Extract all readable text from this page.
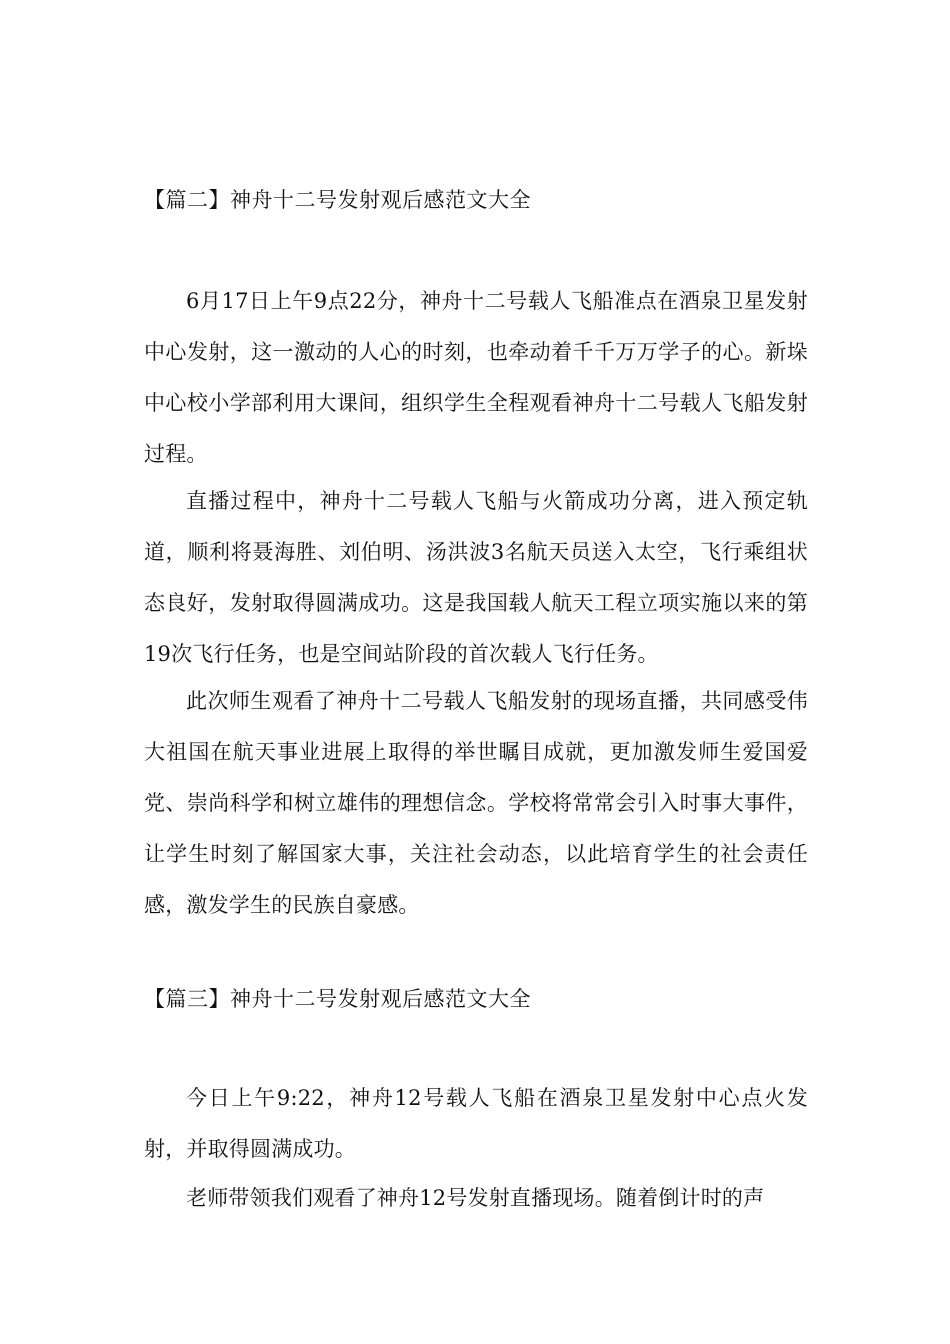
【篇二】神舟十二号发射观后感范文大全

6月17日上午9点22分，神舟十二号载人飞船准点在酒泉卫星发射中心发射，这一激动的人心的时刻，也牵动着千千万万学子的心。新垛中心校小学部利用大课间，组织学生全程观看神舟十二号载人飞船发射过程。

直播过程中，神舟十二号载人飞船与火箭成功分离，进入预定轨道，顺利将聂海胜、刘伯明、汤洪波3名航天员送入太空，飞行乘组状态良好，发射取得圆满成功。这是我国载人航天工程立项实施以来的第19次飞行任务，也是空间站阶段的首次载人飞行任务。

此次师生观看了神舟十二号载人飞船发射的现场直播，共同感受伟大祖国在航天事业进展上取得的举世瞩目成就，更加激发师生爱国爱党、崇尚科学和树立雄伟的理想信念。学校将常常会引入时事大事件，让学生时刻了解国家大事，关注社会动态，以此培育学生的社会责任感，激发学生的民族自豪感。

【篇三】神舟十二号发射观后感范文大全

今日上午9:22，神舟12号载人飞船在酒泉卫星发射中心点火发射，并取得圆满成功。

老师带领我们观看了神舟12号发射直播现场。随着倒计时的声
